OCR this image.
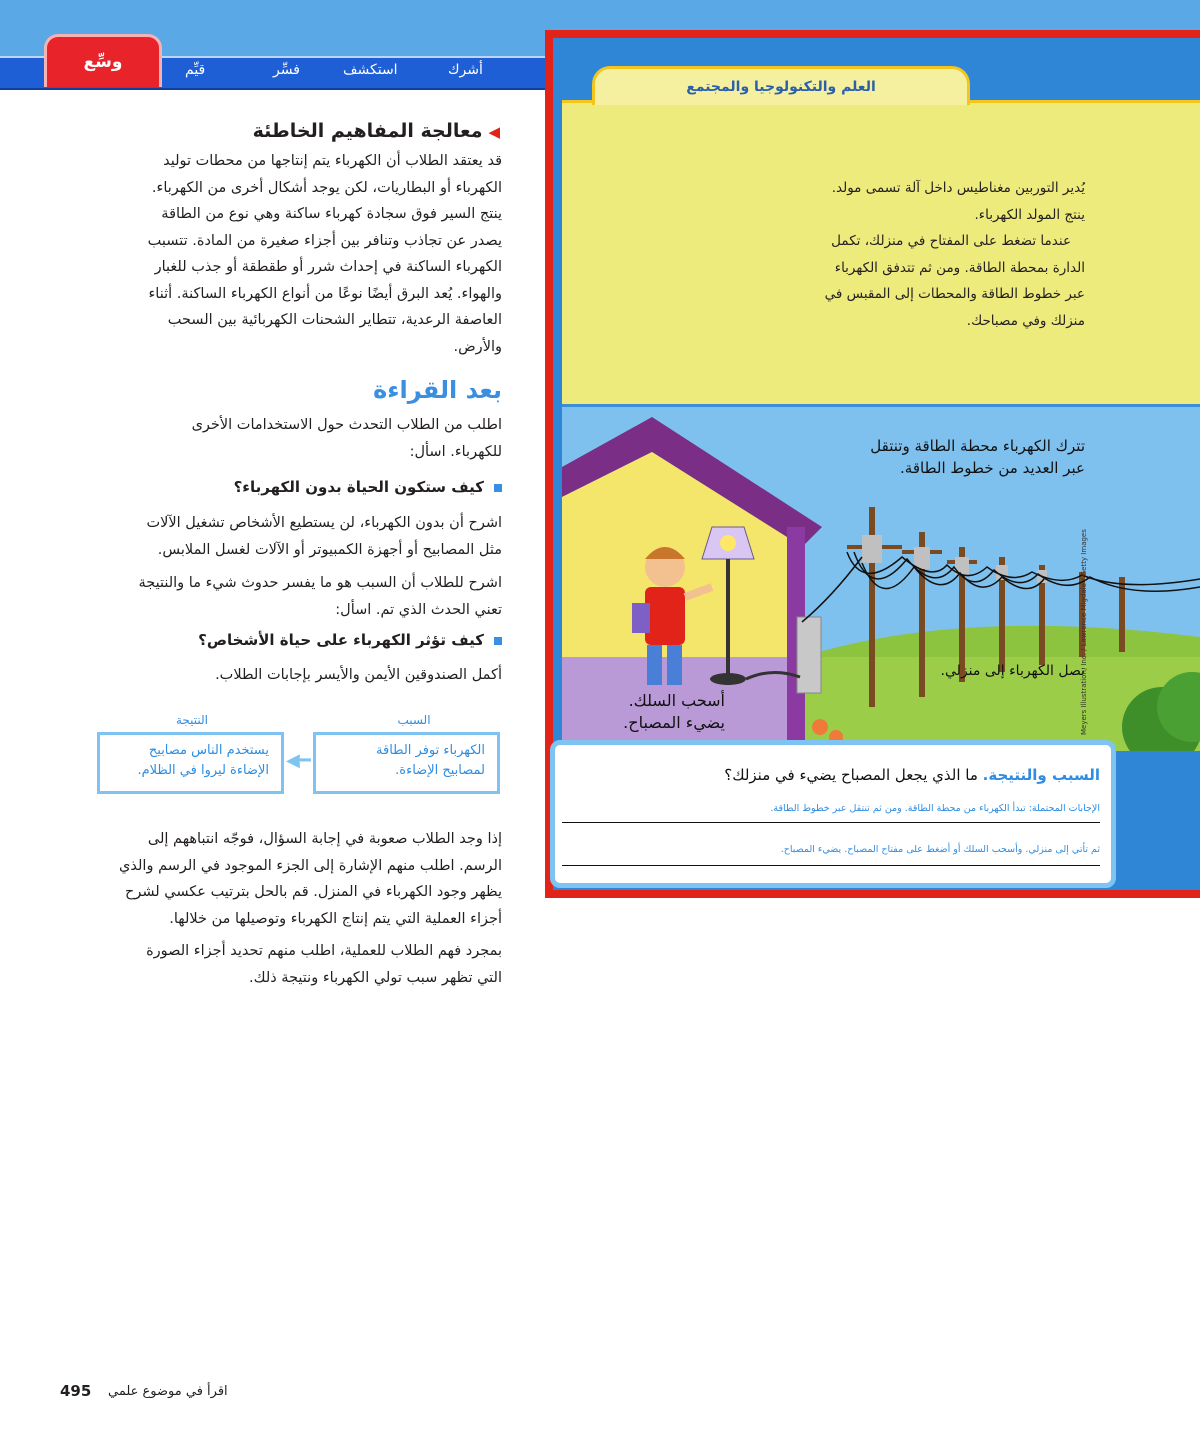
أشرك
استكشف
فسِّر
قيِّم
وسِّع
◀معالجة المفاهيم الخاطئة
قد يعتقد الطلاب أن الكهرباء يتم إنتاجها من محطات توليد
الكهرباء أو البطاريات، لكن يوجد أشكال أخرى من الكهرباء.
ينتج السير فوق سجادة كهرباء ساكنة وهي نوع من الطاقة
يصدر عن تجاذب وتنافر بين أجزاء صغيرة من المادة. تتسبب
الكهرباء الساكنة في إحداث شرر أو طقطقة أو جذب للغبار
والهواء. يُعد البرق أيضًا نوعًا من أنواع الكهرباء الساكنة. أثناء
العاصفة الرعدية، تتطاير الشحنات الكهربائية بين السحب
والأرض.
بعد القراءة
اطلب من الطلاب التحدث حول الاستخدامات الأخرى
للكهرباء. اسأل:
كيف ستكون الحياة بدون الكهرباء؟
اشرح أن بدون الكهرباء، لن يستطيع الأشخاص تشغيل الآلات
مثل المصابيح أو أجهزة الكمبيوتر أو الآلات لغسل الملابس.
اشرح للطلاب أن السبب هو ما يفسر حدوث شيء ما والنتيجة
تعني الحدث الذي تم. اسأل:
كيف تؤثر الكهرباء على حياة الأشخاص؟
أكمل الصندوقين الأيمن والأيسر بإجابات الطلاب.
السبب
النتيجة
الكهرباء توفر الطاقة
لمصابيح الإضاءة.
◀━
يستخدم الناس مصابيح
الإضاءة ليروا في الظلام.
إذا وجد الطلاب صعوبة في إجابة السؤال، فوجّه انتباههم إلى
الرسم. اطلب منهم الإشارة إلى الجزء الموجود في الرسم والذي
يظهر وجود الكهرباء في المنزل. قم بالحل بترتيب عكسي لشرح
أجزاء العملية التي يتم إنتاج الكهرباء وتوصيلها من خلالها.
بمجرد فهم الطلاب للعملية، اطلب منهم تحديد أجزاء الصورة
التي تظهر سبب تولي الكهرباء ونتيجة ذلك.
العلم والتكنولوجيا والمجتمع
يُدير التوربين مغناطيس داخل آلة تسمى مولد.
ينتج المولد الكهرباء.
عندما تضغط على المفتاح في منزلك، تكمل
الدارة بمحطة الطاقة. ومن ثم تتدفق الكهرباء
عبر خطوط الطاقة والمحطات إلى المقبس في
منزلك وفي مصباحك.
تترك الكهرباء محطة الطاقة وتنتقل
عبر العديد من خطوط الطاقة.
تصل الكهرباء إلى منزلي.
أسحب السلك.
يضيء المصباح.	Meyers Illustration, Inc. / Lawrence Migdale / Getty Images
السبب والنتيجة. ما الذي يجعل المصباح يضيء في منزلك؟
الإجابات المحتملة: تبدأ الكهرباء من محطة الطاقة. ومن ثم تنتقل عبر خطوط الطاقة.
ثم تأتي إلى منزلي. وأسحب السلك أو أضغط على مفتاح المصباح. يضيء المصباح.
495 اقرأ في موضوع علمي
